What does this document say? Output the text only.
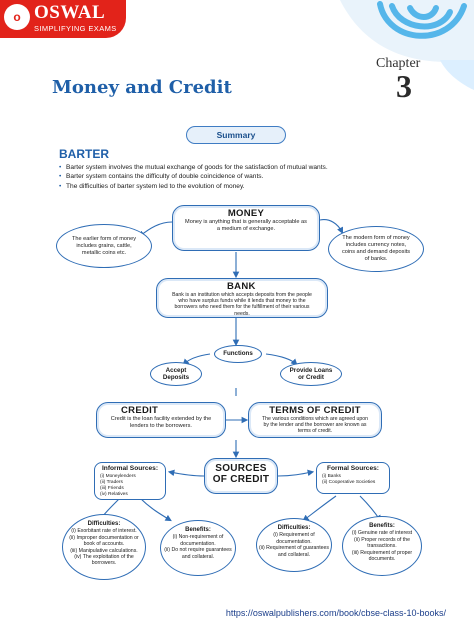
o OSWAL
SIMPLIFYING EXAMS
Chapter
3
Money and Credit
Summary
BARTER
• Barter system involves the mutual exchange of goods for the satisfaction of mutual wants.
• Barter system contains the difficulty of double coincidence of wants.
• The difficulties of barter system led to the evolution of money.
MONEY
Money is anything that is generally acceptable as a medium of exchange.
The earlier form of money includes grains, cattle, metallic coins etc.
The modern form of money includes currency notes, coins and demand deposits of banks.
BANK
Bank is an institution which accepts deposits from the people who have surplus funds while it lends that money to the borrowers who need them for the fulfillment of their various needs.
Functions
Accept Deposits
Provide Loans or Credit
CREDIT
Credit is the loan facility extended by the lenders to the borrowers.
TERMS OF CREDIT
The various conditions which are agreed upon by the lender and the borrower are known as terms of credit.
SOURCES
OF CREDIT
Informal Sources:
(i) Moneylenders
(ii) Traders
(iii) Friends
(iv) Relatives
Formal Sources:
(i) Banks
(ii) Cooperative Societies
Difficulties:
(i) Exorbitant rate of interest.
(ii) Improper documentation or book of accounts.
(iii) Manipulative calculations.
(iv) The exploitation of the borrowers.
Benefits:
(i) Non-requirement of documentation.
(ii) Do not require guarantees and collateral.
Difficulties:
(i) Requirement of documentation.
(ii) Requirement of guarantees and collateral.
Benefits:
(i) Genuine rate of interest
(ii) Proper records of the transactions.
(iii) Requirement of proper documents.
https://oswalpublishers.com/book/cbse-class-10-books/
